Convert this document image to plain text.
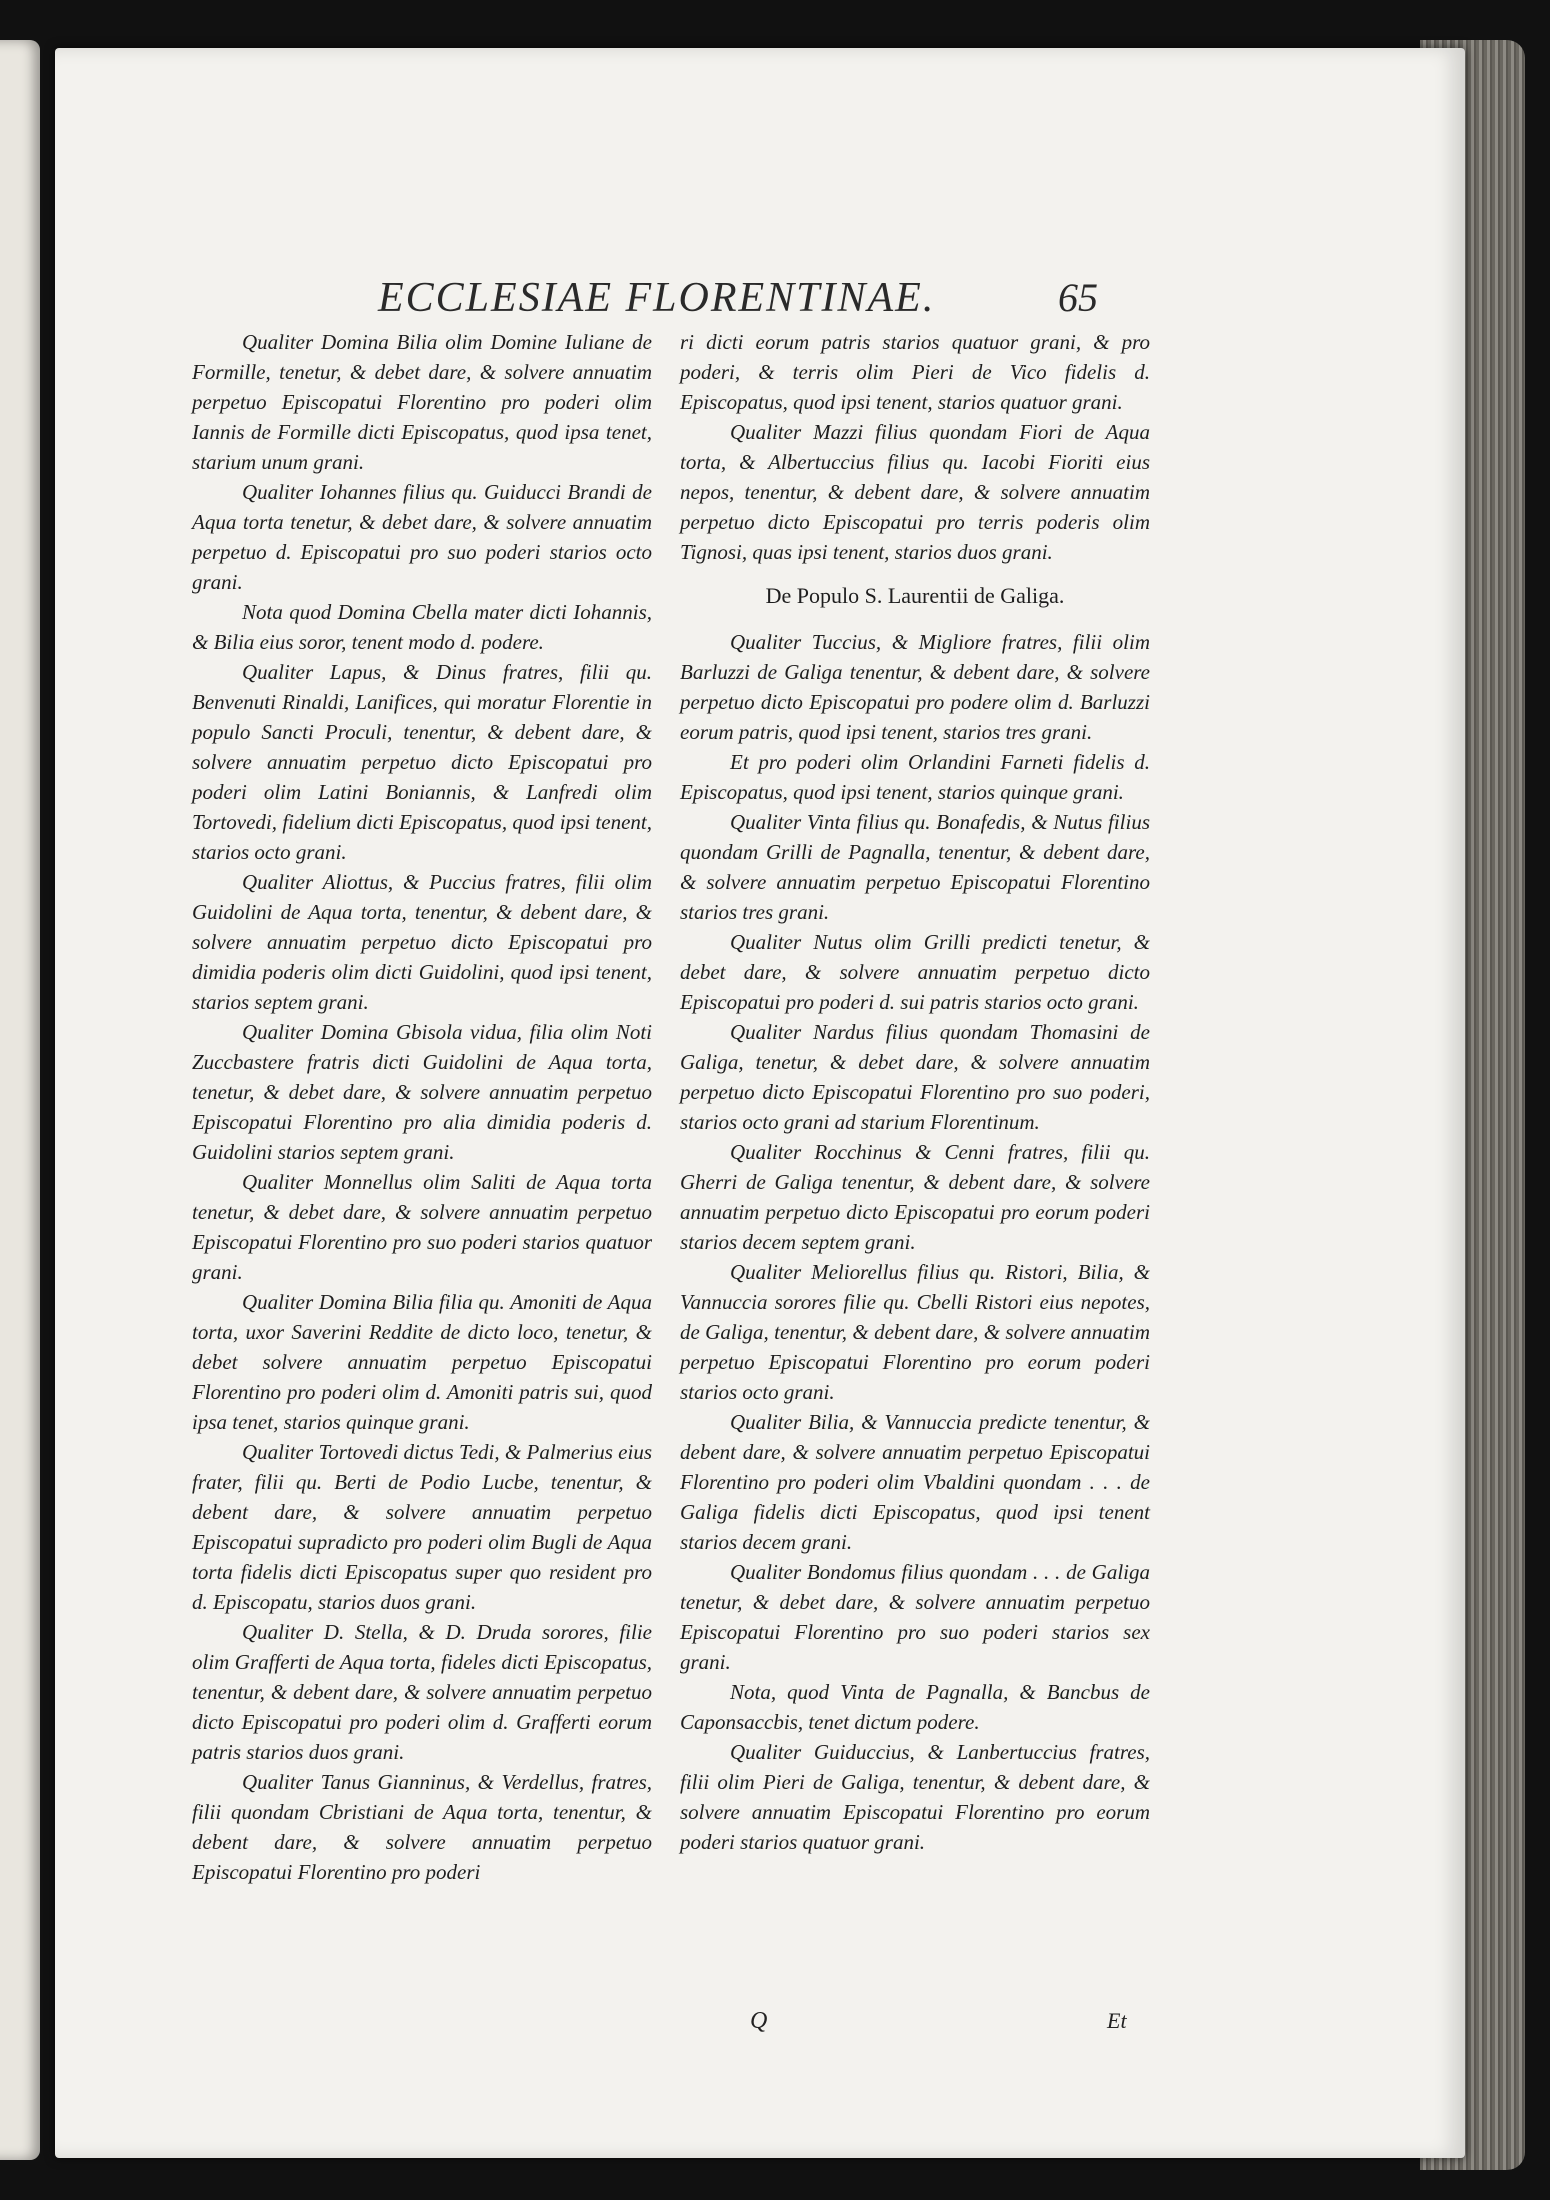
ECCLESIAE FLORENTINAE.	65

Qualiter Domina Bilia olim Domine Iuliane de Formille, tenetur, & debet dare, & solvere annuatim perpetuo Episcopatui Florentino pro poderi olim Iannis de Formille dicti Episcopatus, quod ipsa tenet, starium unum grani.

Qualiter Iohannes filius qu. Guiducci Brandi de Aqua torta tenetur, & debet dare, & solvere annuatim perpetuo d. Episcopatui pro suo poderi starios octo grani.

Nota quod Domina Cbella mater dicti Iohannis, & Bilia eius soror, tenent modo d. podere.

Qualiter Lapus, & Dinus fratres, filii qu. Benvenuti Rinaldi, Lanifices, qui moratur Florentie in populo Sancti Proculi, tenentur, & debent dare, & solvere annuatim perpetuo dicto Episcopatui pro poderi olim Latini Boniannis, & Lanfredi olim Tortovedi, fidelium dicti Episcopatus, quod ipsi tenent, starios octo grani.

Qualiter Aliottus, & Puccius fratres, filii olim Guidolini de Aqua torta, tenentur, & debent dare, & solvere annuatim perpetuo dicto Episcopatui pro dimidia poderis olim dicti Guidolini, quod ipsi tenent, starios septem grani.

Qualiter Domina Gbisola vidua, filia olim Noti Zuccbastere fratris dicti Guidolini de Aqua torta, tenetur, & debet dare, & solvere annuatim perpetuo Episcopatui Florentino pro alia dimidia poderis d. Guidolini starios septem grani.

Qualiter Monnellus olim Saliti de Aqua torta tenetur, & debet dare, & solvere annuatim perpetuo Episcopatui Florentino pro suo poderi starios quatuor grani.

Qualiter Domina Bilia filia qu. Amoniti de Aqua torta, uxor Saverini Reddite de dicto loco, tenetur, & debet solvere annuatim perpetuo Episcopatui Florentino pro poderi olim d. Amoniti patris sui, quod ipsa tenet, starios quinque grani.

Qualiter Tortovedi dictus Tedi, & Palmerius eius frater, filii qu. Berti de Podio Lucbe, tenentur, & debent dare, & solvere annuatim perpetuo Episcopatui supradicto pro poderi olim Bugli de Aqua torta fidelis dicti Episcopatus super quo resident pro d. Episcopatu, starios duos grani.

Qualiter D. Stella, & D. Druda sorores, filie olim Grafferti de Aqua torta, fideles dicti Episcopatus, tenentur, & debent dare, & solvere annuatim perpetuo dicto Episcopatui pro poderi olim d. Grafferti eorum patris starios duos grani.

Qualiter Tanus Gianninus, & Verdellus, fratres, filii quondam Cbristiani de Aqua torta, tenentur, & debent dare, & solvere annuatim perpetuo Episcopatui Florentino pro poderi

ri dicti eorum patris starios quatuor grani, & pro poderi, & terris olim Pieri de Vico fidelis d. Episcopatus, quod ipsi tenent, starios quatuor grani.

Qualiter Mazzi filius quondam Fiori de Aqua torta, & Albertuccius filius qu. Iacobi Fioriti eius nepos, tenentur, & debent dare, & solvere annuatim perpetuo dicto Episcopatui pro terris poderis olim Tignosi, quas ipsi tenent, starios duos grani.

De Populo S. Laurentii de Galiga.

Qualiter Tuccius, & Migliore fratres, filii olim Barluzzi de Galiga tenentur, & debent dare, & solvere perpetuo dicto Episcopatui pro podere olim d. Barluzzi eorum patris, quod ipsi tenent, starios tres grani.

Et pro poderi olim Orlandini Farneti fidelis d. Episcopatus, quod ipsi tenent, starios quinque grani.

Qualiter Vinta filius qu. Bonafedis, & Nutus filius quondam Grilli de Pagnalla, tenentur, & debent dare, & solvere annuatim perpetuo Episcopatui Florentino starios tres grani.

Qualiter Nutus olim Grilli predicti tenetur, & debet dare, & solvere annuatim perpetuo dicto Episcopatui pro poderi d. sui patris starios octo grani.

Qualiter Nardus filius quondam Thomasini de Galiga, tenetur, & debet dare, & solvere annuatim perpetuo dicto Episcopatui Florentino pro suo poderi, starios octo grani ad starium Florentinum.

Qualiter Rocchinus & Cenni fratres, filii qu. Gherri de Galiga tenentur, & debent dare, & solvere annuatim perpetuo dicto Episcopatui pro eorum poderi starios decem septem grani.

Qualiter Meliorellus filius qu. Ristori, Bilia, & Vannuccia sorores filie qu. Cbelli Ristori eius nepotes, de Galiga, tenentur, & debent dare, & solvere annuatim perpetuo Episcopatui Florentino pro eorum poderi starios octo grani.

Qualiter Bilia, & Vannuccia predicte tenentur, & debent dare, & solvere annuatim perpetuo Episcopatui Florentino pro poderi olim Vbaldini quondam . . . de Galiga fidelis dicti Episcopatus, quod ipsi tenent starios decem grani.

Qualiter Bondomus filius quondam . . . de Galiga tenetur, & debet dare, & solvere annuatim perpetuo Episcopatui Florentino pro suo poderi starios sex grani.

Nota, quod Vinta de Pagnalla, & Bancbus de Caponsaccbis, tenet dictum podere.

Qualiter Guiduccius, & Lanbertuccius fratres, filii olim Pieri de Galiga, tenentur, & debent dare, & solvere annuatim Episcopatui Florentino pro eorum poderi starios quatuor grani.

Q	Et
